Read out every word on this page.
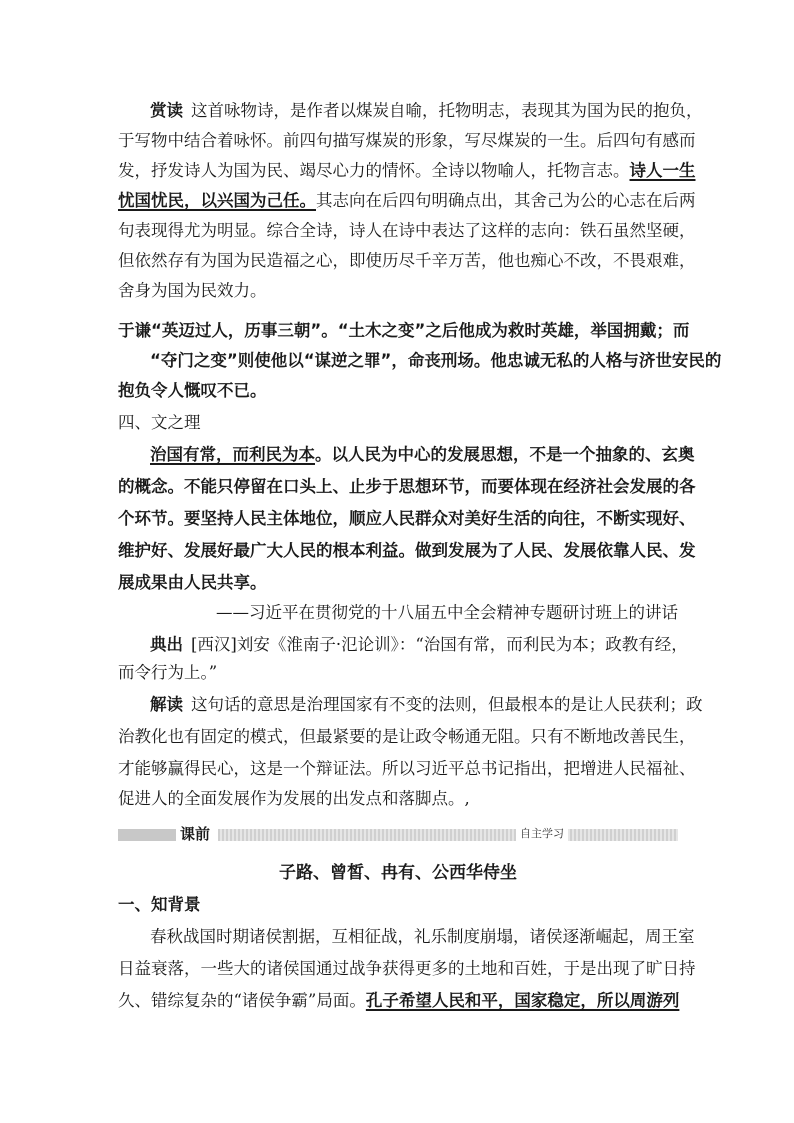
赏读 这首咏物诗，是作者以煤炭自喻，托物明志，表现其为国为民的抱负，
于写物中结合着咏怀。前四句描写煤炭的形象，写尽煤炭的一生。后四句有感而
发，抒发诗人为国为民、竭尽心力的情怀。全诗以物喻人，托物言志。诗人一生
忧国忧民，以兴国为己任。其志向在后四句明确点出，其舍己为公的心志在后两
句表现得尤为明显。综合全诗，诗人在诗中表达了这样的志向：铁石虽然坚硬，
但依然存有为国为民造福之心，即使历尽千辛万苦，他也痴心不改，不畏艰难，
舍身为国为民效力。
于谦“英迈过人，历事三朝”。“土木之变”之后他成为救时英雄，举国拥戴；而
“夺门之变”则使他以“谋逆之罪”，命丧刑场。他忠诚无私的人格与济世安民的
抱负令人慨叹不已。
四、文之理
治国有常，而利民为本。以人民为中心的发展思想，不是一个抽象的、玄奥
的概念。不能只停留在口头上、止步于思想环节，而要体现在经济社会发展的各
个环节。要坚持人民主体地位，顺应人民群众对美好生活的向往，不断实现好、
维护好、发展好最广大人民的根本利益。做到发展为了人民、发展依靠人民、发
展成果由人民共享。
——习近平在贯彻党的十八届五中全会精神专题研讨班上的讲话
典出 [西汉]刘安《淮南子·氾论训》：“治国有常，而利民为本；政教有经，
而令行为上。”
解读 这句话的意思是治理国家有不变的法则，但最根本的是让人民获利；政
治教化也有固定的模式，但最紧要的是让政令畅通无阻。只有不断地改善民生，
才能够赢得民心，这是一个辩证法。所以习近平总书记指出，把增进人民福祉、
促进人的全面发展作为发展的出发点和落脚点。,
课前	自主学习
子路、曾皙、冉有、公西华侍坐
一、知背景
春秋战国时期诸侯割据，互相征战，礼乐制度崩塌，诸侯逐渐崛起，周王室
日益衰落，一些大的诸侯国通过战争获得更多的土地和百姓，于是出现了旷日持
久、错综复杂的“诸侯争霸”局面。孔子希望人民和平，国家稳定，所以周游列
